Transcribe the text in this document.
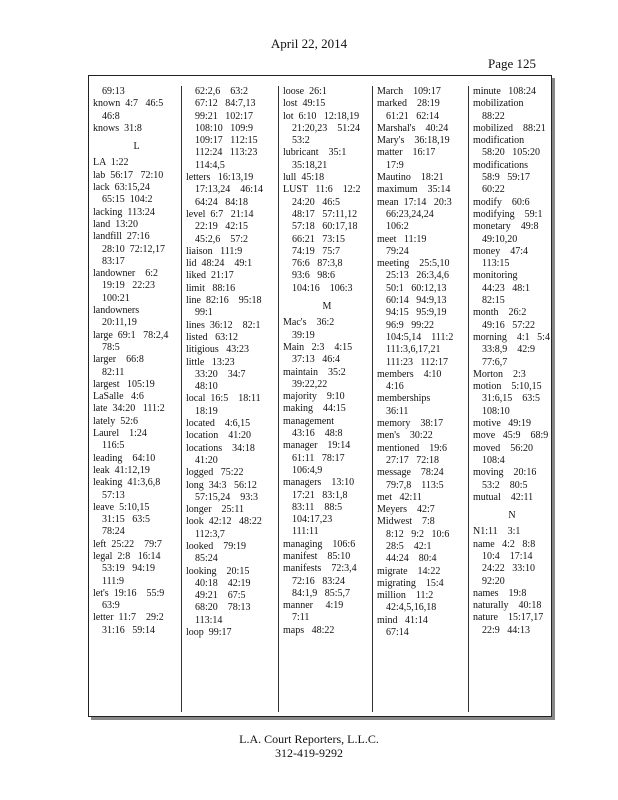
April 22, 2014
Page 125
69:13
known  4:7   46:5
46:8
knows  31:8
L
LA  1:22
lab  56:17   72:10
lack  63:15,24
65:15  104:2
lacking  113:24
land  13:20
landfill  27:16
28:10  72:12,17
83:17
landowner    6:2
19:19   22:23
100:21
landowners
20:11,19
large  69:1   78:2,4
78:5
larger    66:8
82:11
largest   105:19
LaSalle   4:6
late  34:20   111:2
lately  52:6
Laurel    1:24
116:5
leading    64:10
leak  41:12,19
leaking  41:3,6,8
57:13
leave  5:10,15
31:15   63:5
78:24
left  25:22    79:7
legal  2:8   16:14
53:19   94:19
111:9
let's  19:16    55:9
63:9
letter  11:7    29:2
31:16   59:14
62:2,6    63:2
67:12   84:7,13
99:21   102:17
108:10   109:9
109:17   112:15
112:24   113:23
114:4,5
letters   16:13,19
17:13,24    46:14
64:24   84:18
level  6:7   21:14
22:19   42:15
45:2,6    57:2
liaison   111:9
lid  48:24    49:1
liked  21:17
limit   88:16
line  82:16    95:18
99:1
lines  36:12    82:1
listed   63:12
litigious   43:23
little   13:23
33:20    34:7
48:10
local  16:5    18:11
18:19
located    4:6,15
location    41:20
locations    34:18
41:20
logged   75:22
long  34:3   56:12
57:15,24    93:3
longer    25:11
look  42:12   48:22
112:3,7
looked    79:19
85:24
looking    20:15
40:18    42:19
49:21    67:5
68:20    78:13
113:14
loop  99:17
loose  26:1
lost  49:15
lot  6:10   12:18,19
21:20,23    51:24
53:2
lubricant    35:1
35:18,21
lull  45:18
LUST   11:6    12:2
24:20   46:5
48:17   57:11,12
57:18   60:17,18
66:21   73:15
74:19   75:7
76:6   87:3,8
93:6   98:6
104:16    106:3
M
Mac's    36:2
39:19
Main   2:3    4:15
37:13   46:4
maintain    35:2
39:22,22
majority    9:10
making    44:15
management
43:16    48:8
manager    19:14
61:11   78:17
106:4,9
managers    13:10
17:21   83:1,8
83:11    88:5
104:17,23
111:11
managing    106:6
manifest    85:10
manifests    72:3,4
72:16   83:24
84:1,9   85:5,7
manner     4:19
7:11
maps   48:22
March    109:17
marked    28:19
61:21   62:14
Marshal's    40:24
Mary's    36:18,19
matter    16:17
17:9
Mautino    18:21
maximum    35:14
mean  17:14   20:3
66:23,24,24
106:2
meet   11:19
79:24
meeting    25:5,10
25:13   26:3,4,6
50:1   60:12,13
60:14   94:9,13
94:15   95:9,19
96:9   99:22
104:5,14    111:2
111:3,6,17,21
111:23   112:17
members    4:10
4:16
memberships
36:11
memory    38:17
men's    30:22
mentioned    19:6
27:17   72:18
message    78:24
79:7,8    113:5
met   42:11
Meyers    42:7
Midwest    7:8
8:12   9:2   10:6
28:5    42:1
44:24    80:4
migrate    14:22
migrating    15:4
million    11:2
42:4,5,16,18
mind   41:14
67:14
minute   108:24
mobilization
88:22
mobilized    88:21
modification
58:20   105:20
modifications
58:9   59:17
60:22
modify    60:6
modifying    59:1
monetary    49:8
49:10,20
money    47:4
113:15
monitoring
44:23   48:1
82:15
month    26:2
49:16   57:22
morning    4:1   5:4
33:8,9    42:9
77:6,7
Morton    2:3
motion    5:10,15
31:6,15    63:5
108:10
motive   49:19
move   45:9    68:9
moved    56:20
108:4
moving    20:16
53:2    80:5
mutual    42:11
N
N1:11    3:1
name   4:2   8:8
10:4    17:14
24:22   33:10
92:20
names    19:8
naturally    40:18
nature    15:17,17
22:9   44:13
L.A. Court Reporters, L.L.C.
312-419-9292
